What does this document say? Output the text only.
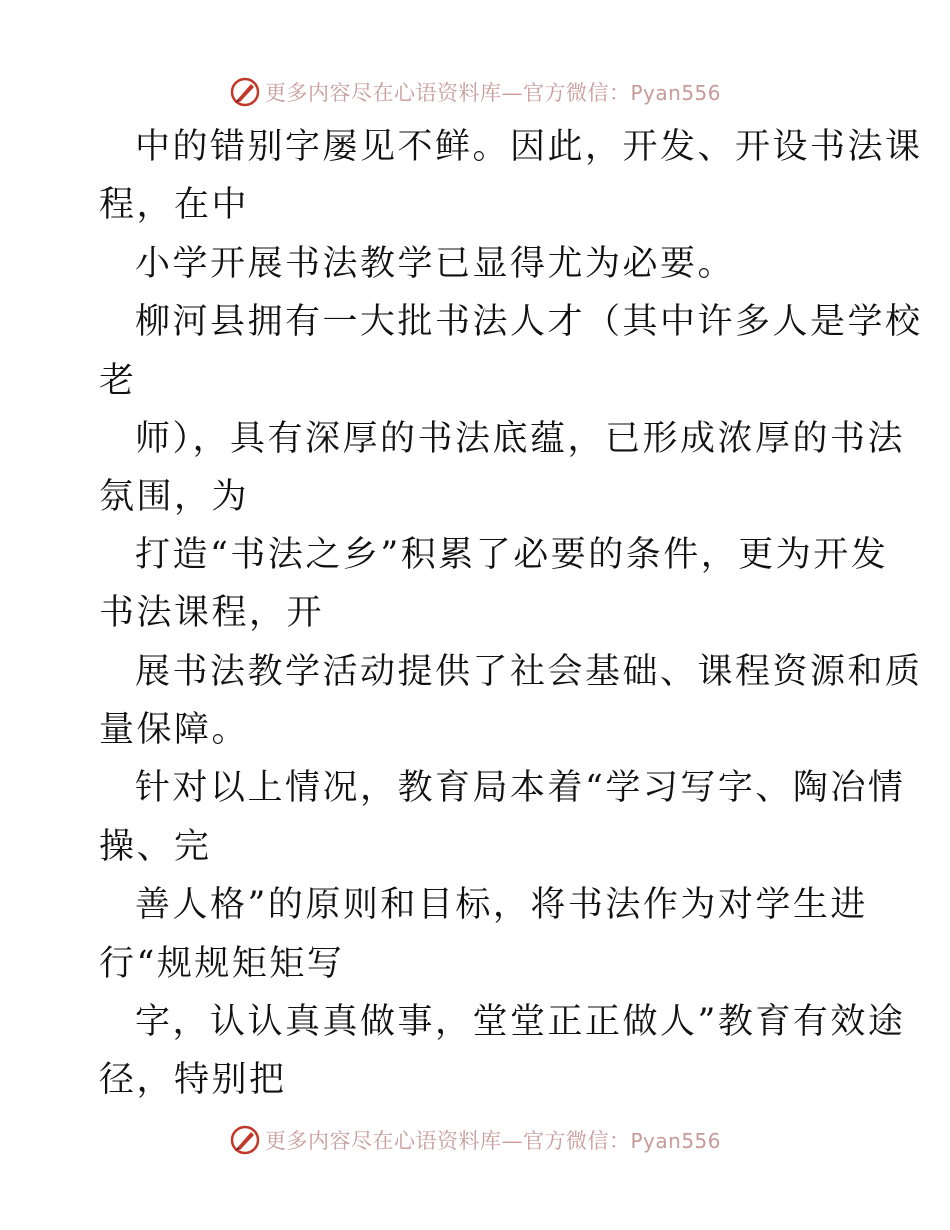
更多内容尽在心语资料库—官方微信：Pyan556
中的错别字屡见不鲜。因此，开发、开设书法课
程，在中
小学开展书法教学已显得尤为必要。
柳河县拥有一大批书法人才（其中许多人是学校
老
师），具有深厚的书法底蕴，已形成浓厚的书法
氛围，为
打造“书法之乡”积累了必要的条件，更为开发
书法课程，开
展书法教学活动提供了社会基础、课程资源和质
量保障。
针对以上情况，教育局本着“学习写字、陶冶情
操、完
善人格”的原则和目标，将书法作为对学生进
行“规规矩矩写
字，认认真真做事，堂堂正正做人”教育有效途
径，特别把
更多内容尽在心语资料库—官方微信：Pyan556
